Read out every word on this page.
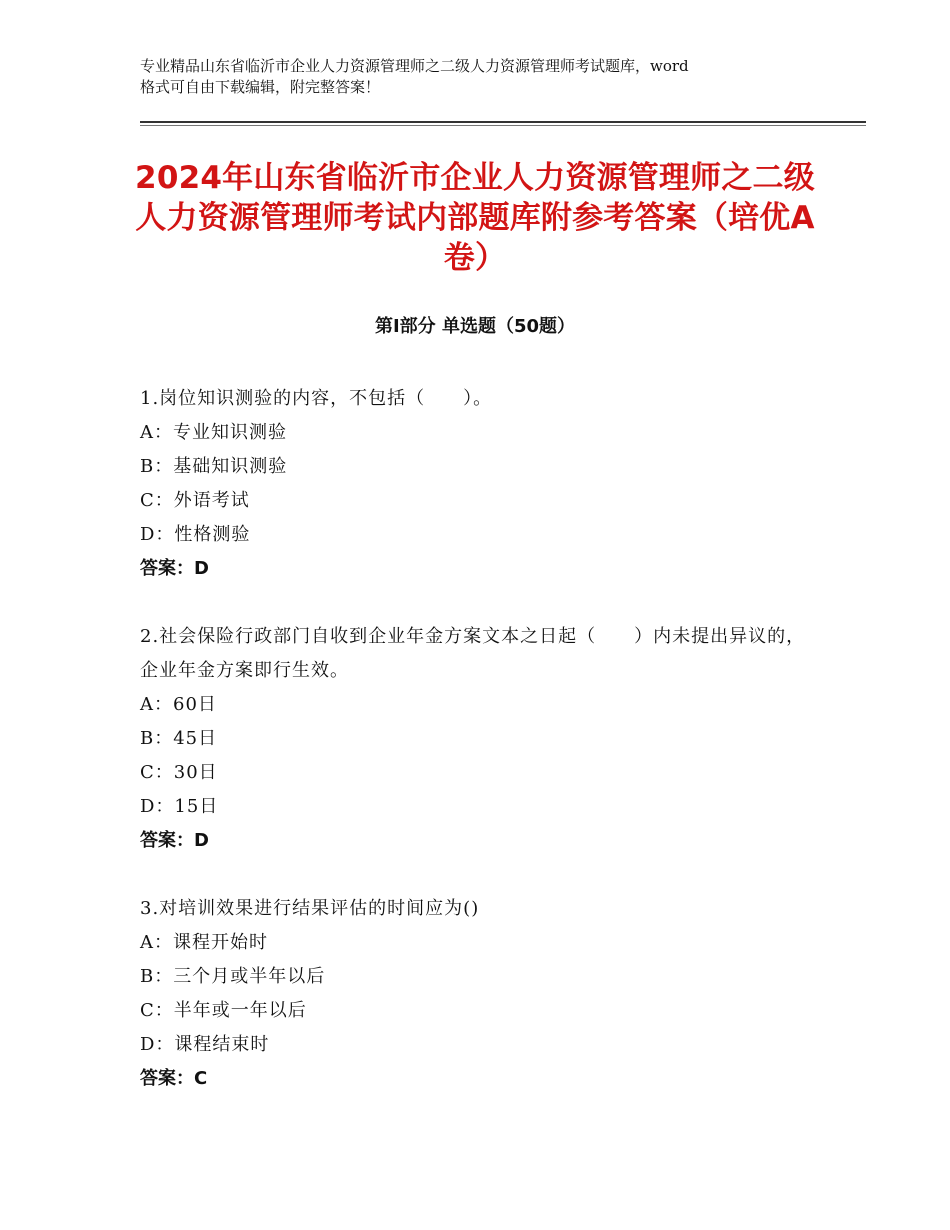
专业精品山东省临沂市企业人力资源管理师之二级人力资源管理师考试题库，word
格式可自由下载编辑，附完整答案！
2024年山东省临沂市企业人力资源管理师之二级人力资源管理师考试内部题库附参考答案（培优A卷）
第Ⅰ部分 单选题（50题）

1.岗位知识测验的内容，不包括（　　）。

A：专业知识测验

B：基础知识测验

C：外语考试

D：性格测验

答案：D

2.社会保险行政部门自收到企业年金方案文本之日起（　　）内未提出异议的，企业年金方案即行生效。

A：60日

B：45日

C：30日

D：15日

答案：D

3.对培训效果进行结果评估的时间应为()

A：课程开始时

B：三个月或半年以后

C：半年或一年以后

D：课程结束时

答案：C
